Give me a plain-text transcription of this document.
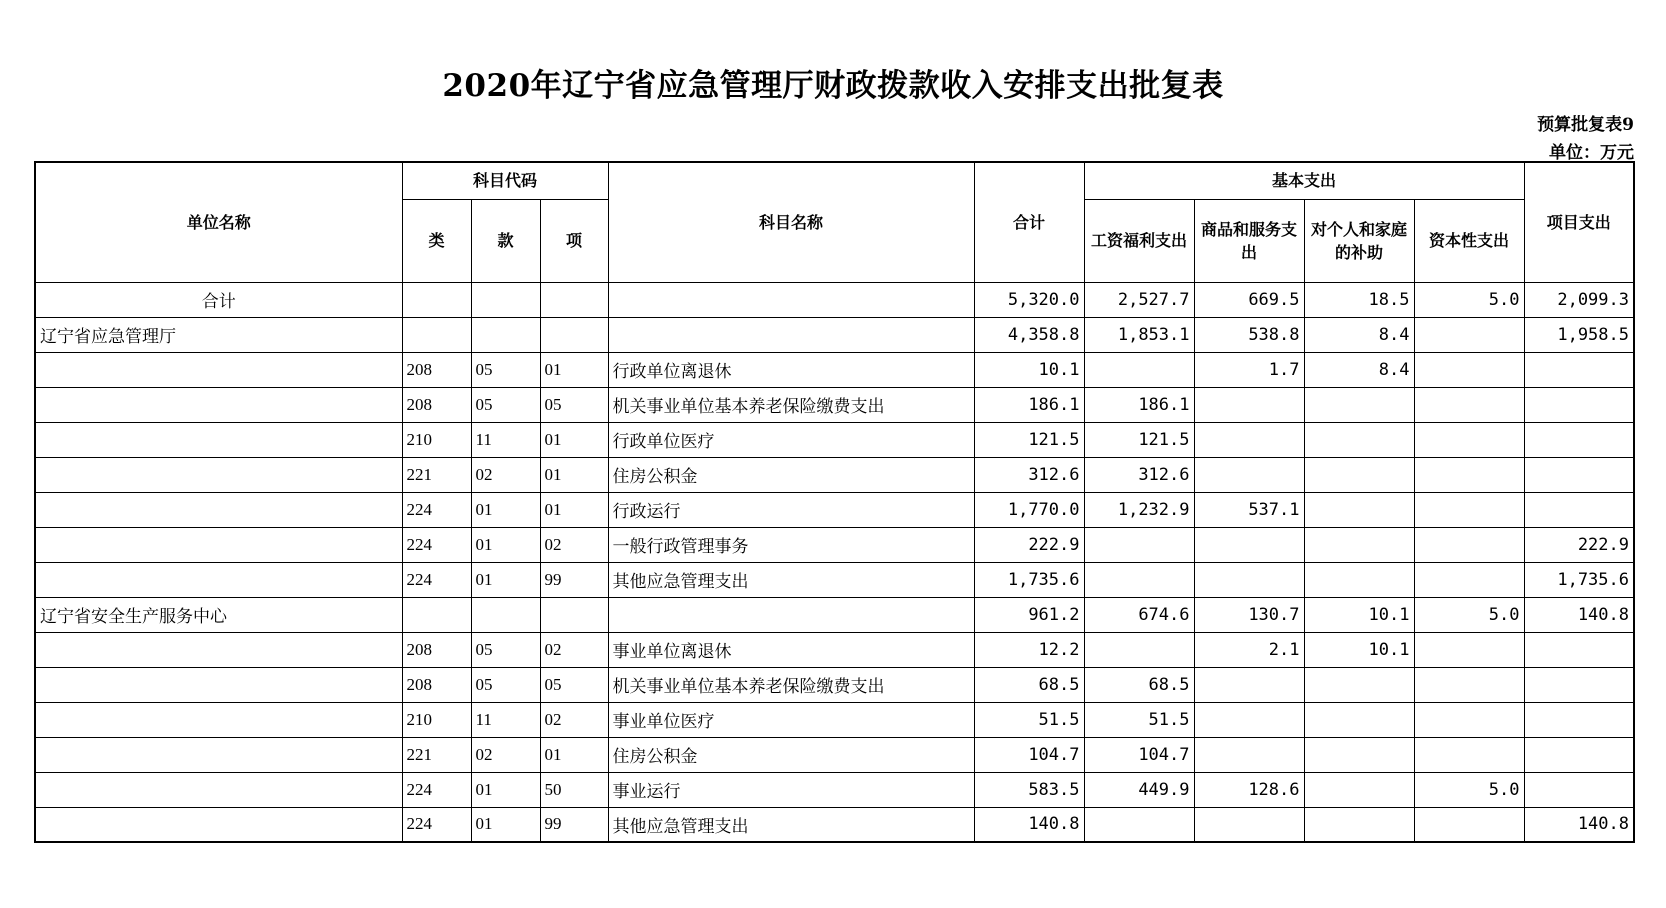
2020年辽宁省应急管理厅财政拨款收入安排支出批复表
预算批复表9
单位：万元
单位名称	科目代码			科目名称	合计	基本支出				项目支出
	类	款	项			工资福利支出	商品和服务支出	对个人和家庭的补助	资本性支出	
合计					5,320.0	2,527.7	669.5	18.5	5.0	2,099.3
辽宁省应急管理厅					4,358.8	1,853.1	538.8	8.4		1,958.5
	208	05	01	行政单位离退休	10.1		1.7	8.4		
	208	05	05	机关事业单位基本养老保险缴费支出	186.1	186.1				
	210	11	01	行政单位医疗	121.5	121.5				
	221	02	01	住房公积金	312.6	312.6				
	224	01	01	行政运行	1,770.0	1,232.9	537.1			
	224	01	02	一般行政管理事务	222.9					222.9
	224	01	99	其他应急管理支出	1,735.6					1,735.6
辽宁省安全生产服务中心					961.2	674.6	130.7	10.1	5.0	140.8
	208	05	02	事业单位离退休	12.2		2.1	10.1		
	208	05	05	机关事业单位基本养老保险缴费支出	68.5	68.5				
	210	11	02	事业单位医疗	51.5	51.5				
	221	02	01	住房公积金	104.7	104.7				
	224	01	50	事业运行	583.5	449.9	128.6		5.0	
	224	01	99	其他应急管理支出	140.8					140.8
